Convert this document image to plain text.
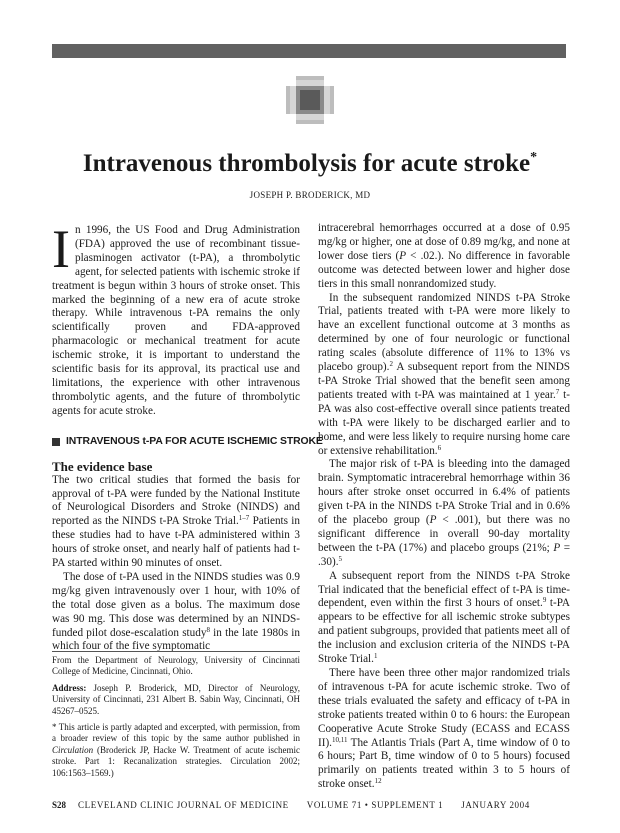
Intravenous thrombolysis for acute stroke*
JOSEPH P. BRODERICK, MD

In 1996, the US Food and Drug Administration (FDA) approved the use of recombinant tissue-plasminogen activator (t-PA), a thrombolytic agent, for selected patients with ischemic stroke if treatment is begun within 3 hours of stroke onset. This marked the beginning of a new era of acute stroke therapy. While intravenous t-PA remains the only scientifically proven and FDA-approved pharmacologic or mechanical treatment for acute ischemic stroke, it is important to understand the scientific basis for its approval, its practical use and limitations, the experience with other intravenous thrombolytic agents, and the future of thrombolytic agents for acute stroke.

INTRAVENOUS t-PA FOR ACUTE ISCHEMIC STROKE
The evidence base

The two critical studies that formed the basis for approval of t-PA were funded by the National Institute of Neurological Disorders and Stroke (NINDS) and reported as the NINDS t-PA Stroke Trial.$^{1-7}$ Patients in these studies had to have t-PA administered within 3 hours of stroke onset, and nearly half of patients had t-PA started within 90 minutes of onset.

The dose of t-PA used in the NINDS studies was 0.9 mg/kg given intravenously over 1 hour, with 10% of the total dose given as a bolus. The maximum dose was 90 mg. This dose was determined by an NINDS-funded pilot dose-escalation study$^8$ in the late 1980s in which four of the five symptomatic

From the Department of Neurology, University of Cincinnati College of Medicine, Cincinnati, Ohio.

Address: Joseph P. Broderick, MD, Director of Neurology, University of Cincinnati, 231 Albert B. Sabin Way, Cincinnati, OH 45267–0525.

* This article is partly adapted and excerpted, with permission, from a broader review of this topic by the same author published in Circulation (Broderick JP, Hacke W. Treatment of acute ischemic stroke. Part 1: Recanalization strategies. Circulation 2002; 106:1563–1569.)

intracerebral hemorrhages occurred at a dose of 0.95 mg/kg or higher, one at dose of 0.89 mg/kg, and none at lower dose tiers (P < .02.). No difference in favorable outcome was detected between lower and higher dose tiers in this small nonrandomized study.

In the subsequent randomized NINDS t-PA Stroke Trial, patients treated with t-PA were more likely to have an excellent functional outcome at 3 months as determined by one of four neurologic or functional rating scales (absolute difference of 11% to 13% vs placebo group).$^2$ A subsequent report from the NINDS t-PA Stroke Trial showed that the benefit seen among patients treated with t-PA was maintained at 1 year.$^7$ t-PA was also cost-effective overall since patients treated with t-PA were likely to be discharged earlier and to home, and were less likely to require nursing home care or extensive rehabilitation.$^6$

The major risk of t-PA is bleeding into the damaged brain. Symptomatic intracerebral hemorrhage within 36 hours after stroke onset occurred in 6.4% of patients given t-PA in the NINDS t-PA Stroke Trial and in 0.6% of the placebo group (P < .001), but there was no significant difference in overall 90-day mortality between the t-PA (17%) and placebo groups (21%; P = .30).$^5$

A subsequent report from the NINDS t-PA Stroke Trial indicated that the beneficial effect of t-PA is time-dependent, even within the first 3 hours of onset.$^9$ t-PA appears to be effective for all ischemic stroke subtypes and patient subgroups, provided that patients meet all of the inclusion and exclusion criteria of the NINDS t-PA Stroke Trial.$^1$

There have been three other major randomized trials of intravenous t-PA for acute ischemic stroke. Two of these trials evaluated the safety and efficacy of t-PA in stroke patients treated within 0 to 6 hours: the European Cooperative Acute Stroke Study (ECASS and ECASS II).$^{10,11}$ The Atlantis Trials (Part A, time window of 0 to 6 hours; Part B, time window of 0 to 5 hours) focused primarily on patients treated within 3 to 5 hours of stroke onset.$^{12}$

S28 CLEVELAND CLINIC JOURNAL OF MEDICINE VOLUME 71 • SUPPLEMENT 1 JANUARY 2004
